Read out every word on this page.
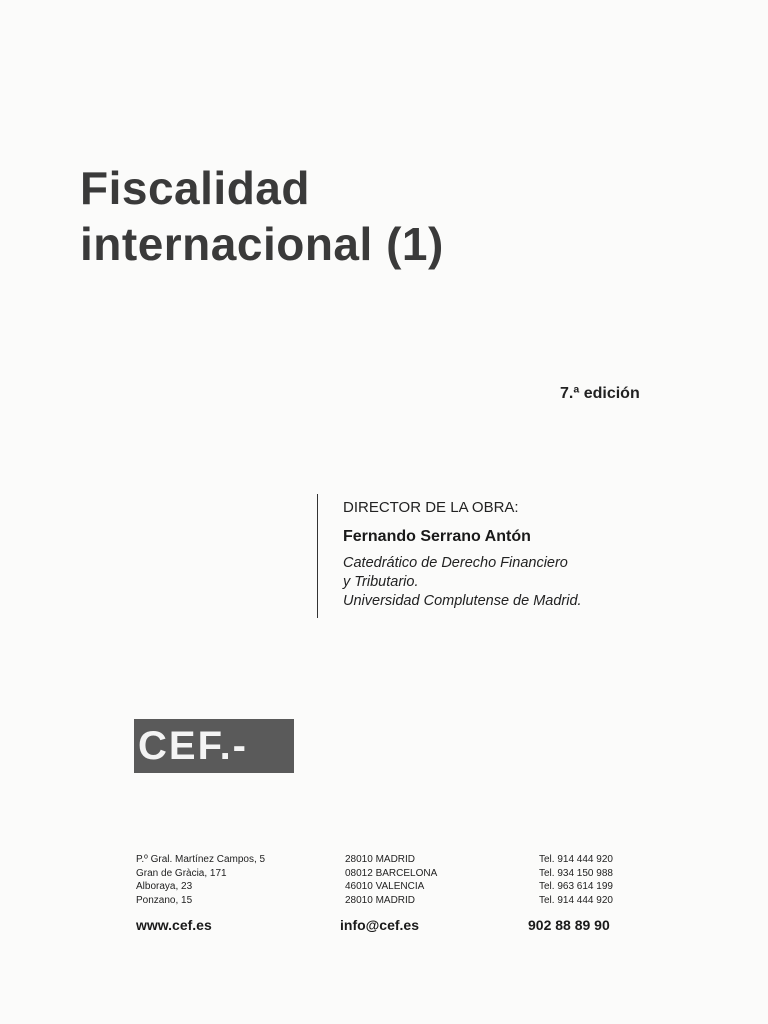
Fiscalidad
internacional (1)
7.ª edición
DIRECTOR DE LA OBRA:
Fernando Serrano Antón
Catedrático de Derecho Financiero
y Tributario.
Universidad Complutense de Madrid.
CEF.-
P.º Gral. Martínez Campos, 5
Gran de Gràcia, 171
Alboraya, 23
Ponzano, 15
28010 MADRID
08012 BARCELONA
46010 VALENCIA
28010 MADRID
Tel. 914 444 920
Tel. 934 150 988
Tel. 963 614 199
Tel. 914 444 920
www.cef.es	info@cef.es	902 88 89 90
